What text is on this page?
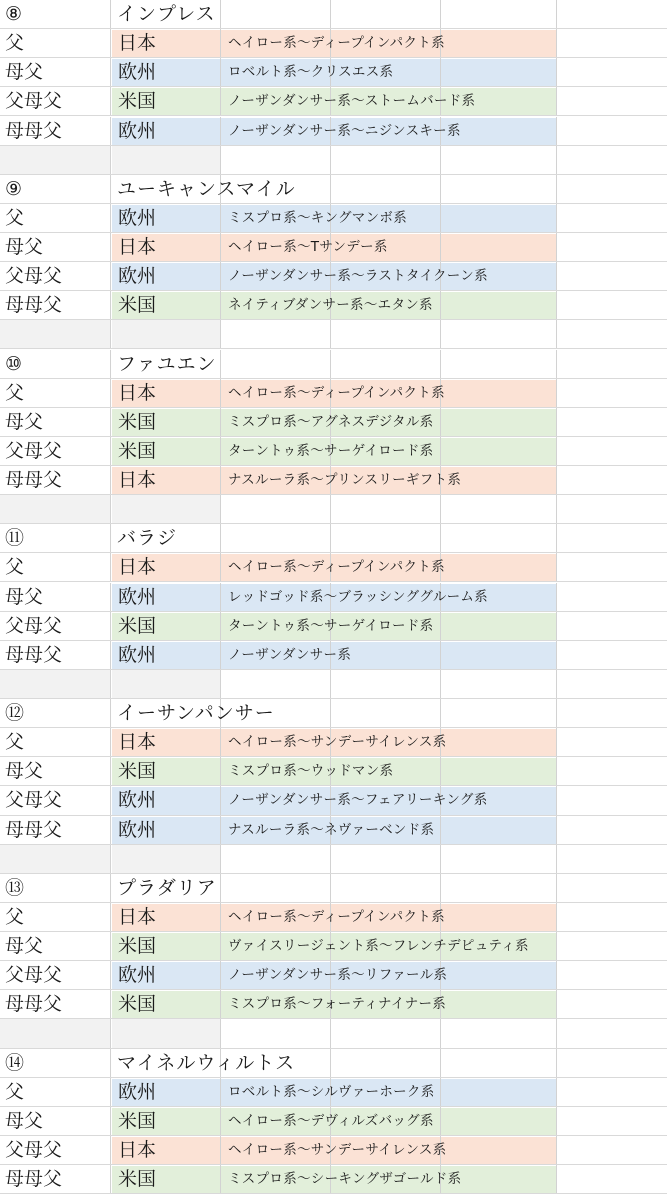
⑧	インプレス
父	日本	ヘイロー系〜ディープインパクト系
母父	欧州	ロベルト系〜クリスエス系
父母父	米国	ノーザンダンサー系〜ストームバード系
母母父	欧州	ノーザンダンサー系〜ニジンスキー系
⑨	ユーキャンスマイル
父	欧州	ミスプロ系〜キングマンボ系
母父	日本	ヘイロー系〜Tサンデー系
父母父	欧州	ノーザンダンサー系〜ラストタイクーン系
母母父	米国	ネイティブダンサー系〜エタン系
⑩	ファユエン
父	日本	ヘイロー系〜ディープインパクト系
母父	米国	ミスプロ系〜アグネスデジタル系
父母父	米国	ターントゥ系〜サーゲイロード系
母母父	日本	ナスルーラ系〜プリンスリーギフト系
⑪	バラジ
父	日本	ヘイロー系〜ディープインパクト系
母父	欧州	レッドゴッド系〜ブラッシンググルーム系
父母父	米国	ターントゥ系〜サーゲイロード系
母母父	欧州	ノーザンダンサー系
⑫	イーサンパンサー
父	日本	ヘイロー系〜サンデーサイレンス系
母父	米国	ミスプロ系〜ウッドマン系
父母父	欧州	ノーザンダンサー系〜フェアリーキング系
母母父	欧州	ナスルーラ系〜ネヴァーベンド系
⑬	プラダリア
父	日本	ヘイロー系〜ディープインパクト系
母父	米国	ヴァイスリージェント系〜フレンチデピュティ系
父母父	欧州	ノーザンダンサー系〜リファール系
母母父	米国	ミスプロ系〜フォーティナイナー系
⑭	マイネルウィルトス
父	欧州	ロベルト系〜シルヴァーホーク系
母父	米国	ヘイロー系〜デヴィルズバッグ系
父母父	日本	ヘイロー系〜サンデーサイレンス系
母母父	米国	ミスプロ系〜シーキングザゴールド系
